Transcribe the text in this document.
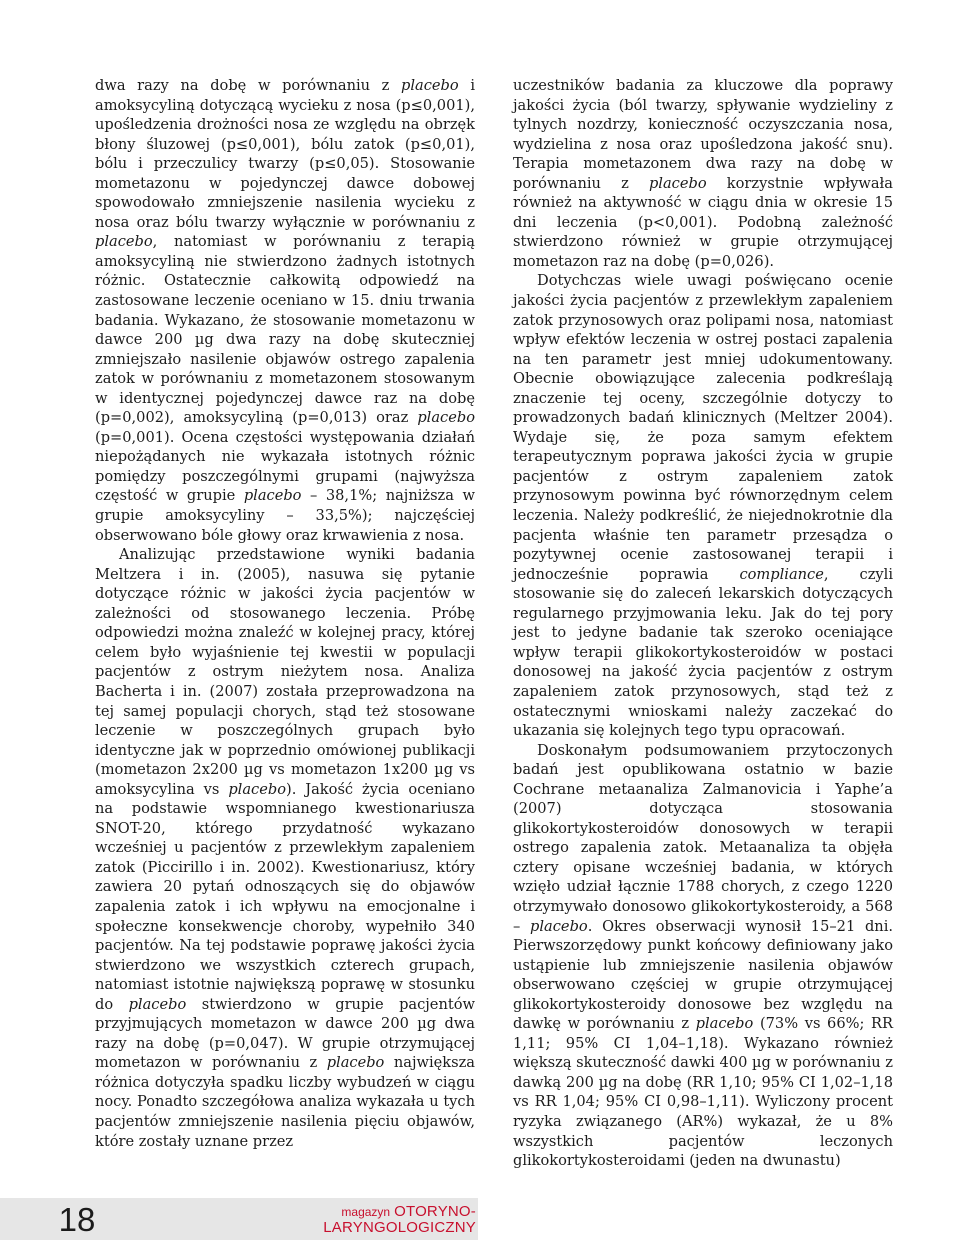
dwa razy na dobę w porównaniu z placebo i amoksycyliną dotyczącą wycieku z nosa (p≤0,001), upośledzenia drożności nosa ze względu na obrzęk błony śluzowej (p≤0,001), bólu zatok (p≤0,01), bólu i przeczulicy twarzy (p≤0,05). Stosowanie mometazonu w pojedynczej dawce dobowej spowodowało zmniejszenie nasilenia wycieku z nosa oraz bólu twarzy wyłącznie w porównaniu z placebo, natomiast w porównaniu z terapią amoksycyliną nie stwierdzono żadnych istotnych różnic. Ostatecznie całkowitą odpowiedź na zastosowane leczenie oceniano w 15. dniu trwania badania. Wykazano, że stosowanie mometazonu w dawce 200 µg dwa razy na dobę skuteczniej zmniejszało nasilenie objawów ostrego zapalenia zatok w porównaniu z mometazonem stosowanym w identycznej pojedynczej dawce raz na dobę (p=0,002), amoksycyliną (p=0,013) oraz placebo (p=0,001). Ocena częstości występowania działań niepożądanych nie wykazała istotnych różnic pomiędzy poszczególnymi grupami (najwyższa częstość w grupie placebo – 38,1%; najniższa w grupie amoksycyliny – 33,5%); najczęściej obserwowano bóle głowy oraz krwawienia z nosa.

Analizując przedstawione wyniki badania Meltzera i in. (2005), nasuwa się pytanie dotyczące różnic w jakości życia pacjentów w zależności od stosowanego leczenia. Próbę odpowiedzi można znaleźć w kolejnej pracy, której celem było wyjaśnienie tej kwestii w populacji pacjentów z ostrym nieżytem nosa. Analiza Bacherta i in. (2007) została przeprowadzona na tej samej populacji chorych, stąd też stosowane leczenie w poszczególnych grupach było identyczne jak w poprzednio omówionej publikacji (mometazon 2x200 µg vs mometazon 1x200 µg vs amoksycylina vs placebo). Jakość życia oceniano na podstawie wspomnianego kwestionariusza SNOT-20, którego przydatność wykazano wcześniej u pacjentów z przewlekłym zapaleniem zatok (Piccirillo i in. 2002). Kwestionariusz, który zawiera 20 pytań odnoszących się do objawów zapalenia zatok i ich wpływu na emocjonalne i społeczne konsekwencje choroby, wypełniło 340 pacjentów. Na tej podstawie poprawę jakości życia stwierdzono we wszystkich czterech grupach, natomiast istotnie największą poprawę w stosunku do placebo stwierdzono w grupie pacjentów przyjmujących mometazon w dawce 200 µg dwa razy na dobę (p=0,047). W grupie otrzymującej mometazon w porównaniu z placebo największa różnica dotyczyła spadku liczby wybudzeń w ciągu nocy. Ponadto szczegółowa analiza wykazała u tych pacjentów zmniejszenie nasilenia pięciu objawów, które zostały uznane przez

uczestników badania za kluczowe dla poprawy jakości życia (ból twarzy, spływanie wydzieliny z tylnych nozdrzy, konieczność oczyszczania nosa, wydzielina z nosa oraz upośledzona jakość snu). Terapia mometazonem dwa razy na dobę w porównaniu z placebo korzystnie wpływała również na aktywność w ciągu dnia w okresie 15 dni leczenia (p<0,001). Podobną zależność stwierdzono również w grupie otrzymującej mometazon raz na dobę (p=0,026).

Dotychczas wiele uwagi poświęcano ocenie jakości życia pacjentów z przewlekłym zapaleniem zatok przynosowych oraz polipami nosa, natomiast wpływ efektów leczenia w ostrej postaci zapalenia na ten parametr jest mniej udokumentowany. Obecnie obowiązujące zalecenia podkreślają znaczenie tej oceny, szczególnie dotyczy to prowadzonych badań klinicznych (Meltzer 2004). Wydaje się, że poza samym efektem terapeutycznym poprawa jakości życia w grupie pacjentów z ostrym zapaleniem zatok przynosowym powinna być równorzędnym celem leczenia. Należy podkreślić, że niejednokrotnie dla pacjenta właśnie ten parametr przesądza o pozytywnej ocenie zastosowanej terapii i jednocześnie poprawia compliance, czyli stosowanie się do zaleceń lekarskich dotyczących regularnego przyjmowania leku. Jak do tej pory jest to jedyne badanie tak szeroko oceniające wpływ terapii glikokortykosteroidów w postaci donosowej na jakość życia pacjentów z ostrym zapaleniem zatok przynosowych, stąd też z ostatecznymi wnioskami należy zaczekać do ukazania się kolejnych tego typu opracowań.

Doskonałym podsumowaniem przytoczonych badań jest opublikowana ostatnio w bazie Cochrane metaanaliza Zalmanovicia i Yaphe’a (2007) dotycząca stosowania glikokortykosteroidów donosowych w terapii ostrego zapalenia zatok. Metaanaliza ta objęła cztery opisane wcześniej badania, w których wzięło udział łącznie 1788 chorych, z czego 1220 otrzymywało donosowo glikokortykosteroidy, a 568 – placebo. Okres obserwacji wynosił 15–21 dni. Pierwszorzędowy punkt końcowy definiowany jako ustąpienie lub zmniejszenie nasilenia objawów obserwowano częściej w grupie otrzymującej glikokortykosteroidy donosowe bez względu na dawkę w porównaniu z placebo (73% vs 66%; RR 1,11; 95% CI 1,04–1,18). Wykazano również większą skuteczność dawki 400 µg w porównaniu z dawką 200 µg na dobę (RR 1,10; 95% CI 1,02–1,18 vs RR 1,04; 95% CI 0,98–1,11). Wyliczony procent ryzyka związanego (AR%) wykazał, że u 8% wszystkich pacjentów leczonych glikokortykosteroidami (jeden na dwunastu)

18	magazyn OTORYNO-
LARYNGOLOGICZNY
